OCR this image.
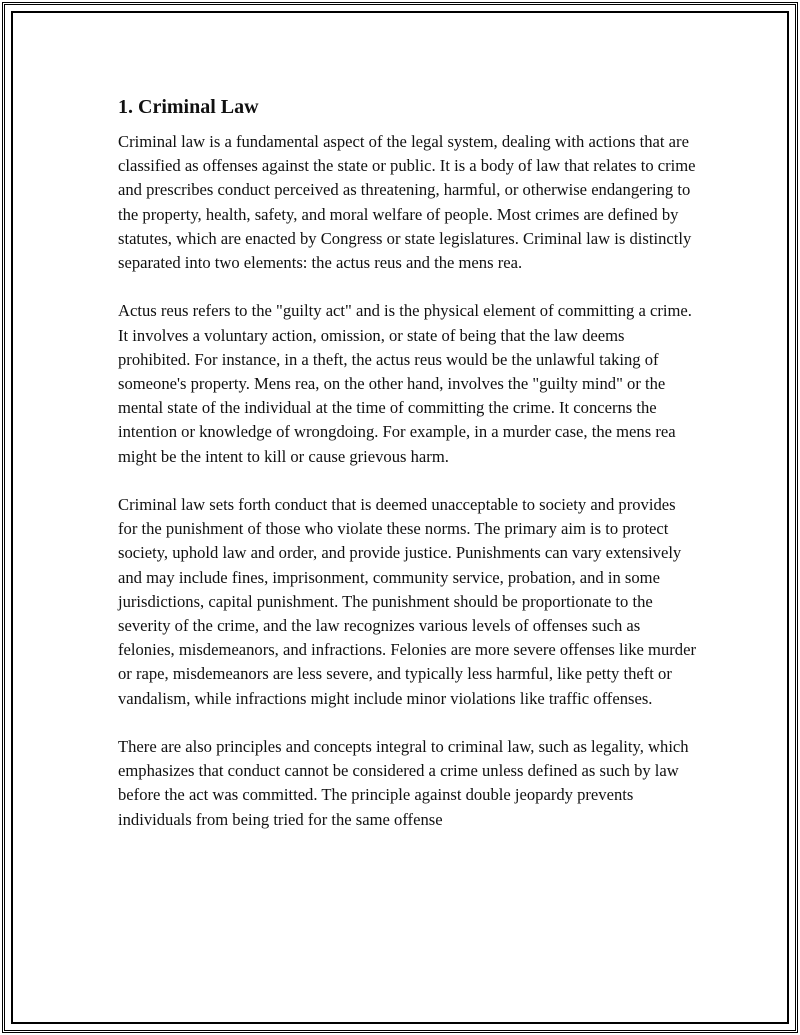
1. Criminal Law

Criminal law is a fundamental aspect of the legal system, dealing with actions that are classified as offenses against the state or public. It is a body of law that relates to crime and prescribes conduct perceived as threatening, harmful, or otherwise endangering to the property, health, safety, and moral welfare of people. Most crimes are defined by statutes, which are enacted by Congress or state legislatures. Criminal law is distinctly separated into two elements: the actus reus and the mens rea.

Actus reus refers to the "guilty act" and is the physical element of committing a crime. It involves a voluntary action, omission, or state of being that the law deems prohibited. For instance, in a theft, the actus reus would be the unlawful taking of someone's property. Mens rea, on the other hand, involves the "guilty mind" or the mental state of the individual at the time of committing the crime. It concerns the intention or knowledge of wrongdoing. For example, in a murder case, the mens rea might be the intent to kill or cause grievous harm.

Criminal law sets forth conduct that is deemed unacceptable to society and provides for the punishment of those who violate these norms. The primary aim is to protect society, uphold law and order, and provide justice. Punishments can vary extensively and may include fines, imprisonment, community service, probation, and in some jurisdictions, capital punishment. The punishment should be proportionate to the severity of the crime, and the law recognizes various levels of offenses such as felonies, misdemeanors, and infractions. Felonies are more severe offenses like murder or rape, misdemeanors are less severe, and typically less harmful, like petty theft or vandalism, while infractions might include minor violations like traffic offenses.

There are also principles and concepts integral to criminal law, such as legality, which emphasizes that conduct cannot be considered a crime unless defined as such by law before the act was committed. The principle against double jeopardy prevents individuals from being tried for the same offense
